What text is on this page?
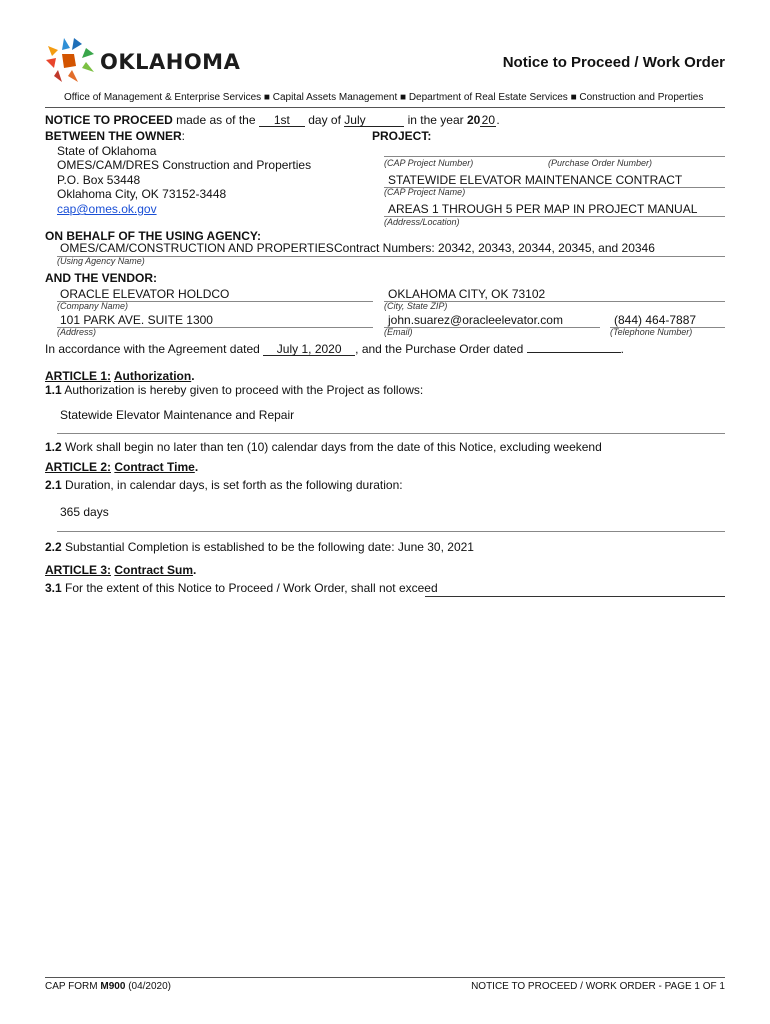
OKLAHOMA	Notice to Proceed / Work Order
Office of Management & Enterprise Services ■ Capital Assets Management ■ Department of Real Estate Services ■ Construction and Properties
NOTICE TO PROCEED made as of the 1st day of July	in the year 2020.
BETWEEN THE OWNER:
State of Oklahoma
OMES/CAM/DRES Construction and Properties
P.O. Box 53448
Oklahoma City, OK 73152-3448
cap@omes.ok.gov
PROJECT:
(CAP Project Number)	(Purchase Order Number)
STATEWIDE ELEVATOR MAINTENANCE CONTRACT
(CAP Project Name)
AREAS 1 THROUGH 5 PER MAP IN PROJECT MANUAL
(Address/Location)
ON BEHALF OF THE USING AGENCY:
OMES/CAM/CONSTRUCTION AND PROPERTIES Contract Numbers: 20342, 20343, 20344, 20345, and 20346
(Using Agency Name)
AND THE VENDOR:
ORACLE ELEVATOR HOLDCO
(Company Name)
OKLAHOMA CITY, OK 73102
(City, State ZIP)
101 PARK AVE. SUITE 1300
(Address)
john.suarez@oracleelevator.com
(Email)
(844) 464-7887
(Telephone Number)
In accordance with the Agreement dated July 1, 2020 , and the Purchase Order dated	.
ARTICLE 1: Authorization.
1.1 Authorization is hereby given to proceed with the Project as follows:
Statewide Elevator Maintenance and Repair
1.2 Work shall begin no later than ten (10) calendar days from the date of this Notice, excluding weekend
ARTICLE 2: Contract Time.
2.1 Duration, in calendar days, is set forth as the following duration:
365 days
2.2 Substantial Completion is established to be the following date: June 30, 2021
ARTICLE 3: Contract Sum.
3.1 For the extent of this Notice to Proceed / Work Order, shall not exceed
CAP FORM M900 (04/2020)	NOTICE TO PROCEED / WORK ORDER - PAGE 1 OF 1
